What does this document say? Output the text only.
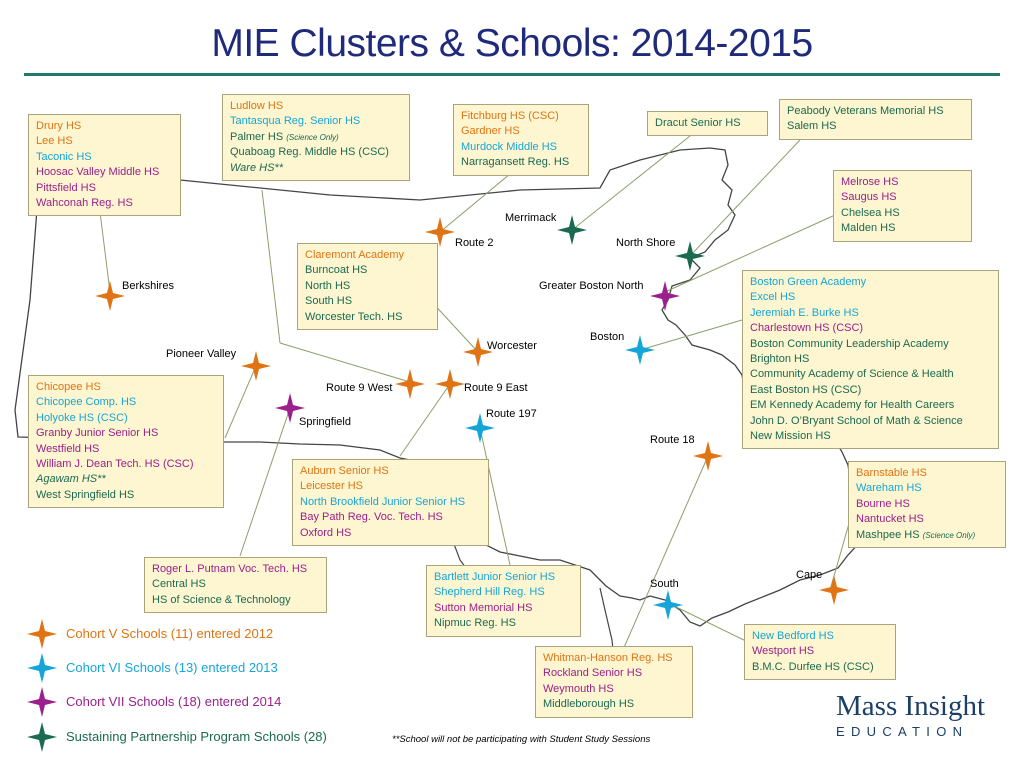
MIE Clusters & Schools: 2014-2015
Berkshires
Pioneer Valley
Springfield
Route 9 West	Route 9 East
Route 2
Merrimack
North Shore
Greater Boston North
Boston
Worcester
Route 197
Route 18
South
Cape
Drury HS
Lee HS
Taconic HS
Hoosac Valley Middle HS
Pittsfield HS
Wahconah Reg. HS
Ludlow HS
Tantasqua Reg. Senior HS
Palmer HS (Science Only)
Quaboag Reg. Middle HS (CSC)
Ware HS**
Fitchburg HS (CSC)
Gardner HS
Murdock Middle HS
Narragansett Reg. HS
Dracut Senior HS
Peabody Veterans Memorial HS
Salem HS
Melrose HS
Saugus HS
Chelsea HS
Malden HS
Claremont Academy
Burncoat HS
North HS
South HS
Worcester Tech. HS
Boston Green Academy
Excel HS
Jeremiah E. Burke HS
Charlestown HS (CSC)
Boston Community Leadership Academy
Brighton HS
Community Academy of Science & Health
East Boston HS (CSC)
EM Kennedy Academy for Health Careers
John D. O’Bryant School of Math & Science
New Mission HS
Chicopee HS
Chicopee Comp. HS
Holyoke HS (CSC)
Granby Junior Senior HS
Westfield HS
William J. Dean Tech. HS (CSC)
Agawam HS**
West Springfield HS
Auburn Senior HS
Leicester HS
North Brookfield Junior Senior HS
Bay Path Reg. Voc. Tech. HS
Oxford HS
Barnstable HS
Wareham HS
Bourne HS
Nantucket HS
Mashpee HS (Science Only)
Roger L. Putnam Voc. Tech. HS
Central HS
HS of Science & Technology
Bartlett Junior Senior HS
Shepherd Hill Reg. HS
Sutton Memorial HS
Nipmuc Reg. HS
New Bedford HS
Westport HS
B.M.C. Durfee HS (CSC)
Whitman-Hanson Reg. HS
Rockland Senior HS
Weymouth HS
Middleborough HS
Cohort V Schools (11) entered 2012
Cohort VI Schools (13) entered 2013
Cohort VII Schools (18) entered 2014
Sustaining Partnership Program Schools (28)	**School will not be participating with Student Study Sessions
Mass Insight
EDUCATION
